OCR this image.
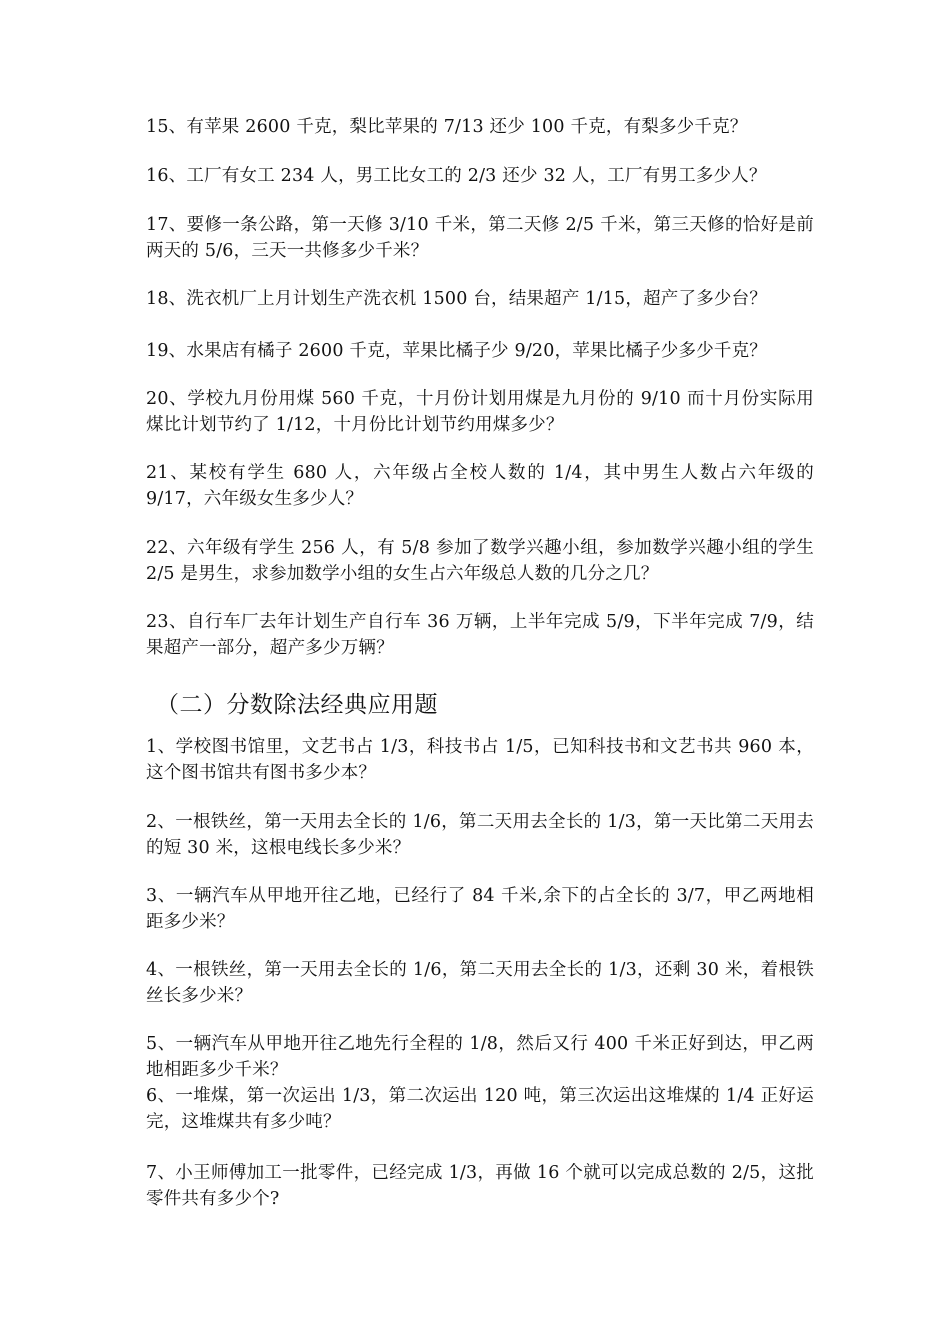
15、有苹果 2600 千克，梨比苹果的 7/13 还少 100 千克，有梨多少千克？

16、工厂有女工 234 人，男工比女工的 2/3 还少 32 人，工厂有男工多少人？

17、要修一条公路，第一天修 3/10 千米，第二天修 2/5 千米，第三天修的恰好是前两天的 5/6，三天一共修多少千米？

18、洗衣机厂上月计划生产洗衣机 1500 台，结果超产 1/15，超产了多少台？

19、水果店有橘子 2600 千克，苹果比橘子少 9/20，苹果比橘子少多少千克？

20、学校九月份用煤 560 千克，十月份计划用煤是九月份的 9/10 而十月份实际用煤比计划节约了 1/12，十月份比计划节约用煤多少？

21、某校有学生 680 人，六年级占全校人数的 1/4，其中男生人数占六年级的 9/17，六年级女生多少人？

22、六年级有学生 256 人，有 5/8 参加了数学兴趣小组，参加数学兴趣小组的学生 2/5 是男生，求参加数学小组的女生占六年级总人数的几分之几？

23、自行车厂去年计划生产自行车 36 万辆，上半年完成 5/9，下半年完成 7/9，结果超产一部分，超产多少万辆？

（二）分数除法经典应用题

1、学校图书馆里，文艺书占 1/3，科技书占 1/5，已知科技书和文艺书共 960 本，这个图书馆共有图书多少本？

2、一根铁丝，第一天用去全长的 1/6，第二天用去全长的 1/3，第一天比第二天用去的短 30 米，这根电线长多少米？

3、一辆汽车从甲地开往乙地，已经行了 84 千米,余下的占全长的 3/7，甲乙两地相距多少米？

4、一根铁丝，第一天用去全长的 1/6，第二天用去全长的 1/3，还剩 30 米，着根铁丝长多少米？

5、一辆汽车从甲地开往乙地先行全程的 1/8，然后又行 400 千米正好到达，甲乙两地相距多少千米？

6、一堆煤，第一次运出 1/3，第二次运出 120 吨，第三次运出这堆煤的 1/4 正好运完，这堆煤共有多少吨？

7、小王师傅加工一批零件，已经完成 1/3，再做 16 个就可以完成总数的 2/5，这批零件共有多少个?
